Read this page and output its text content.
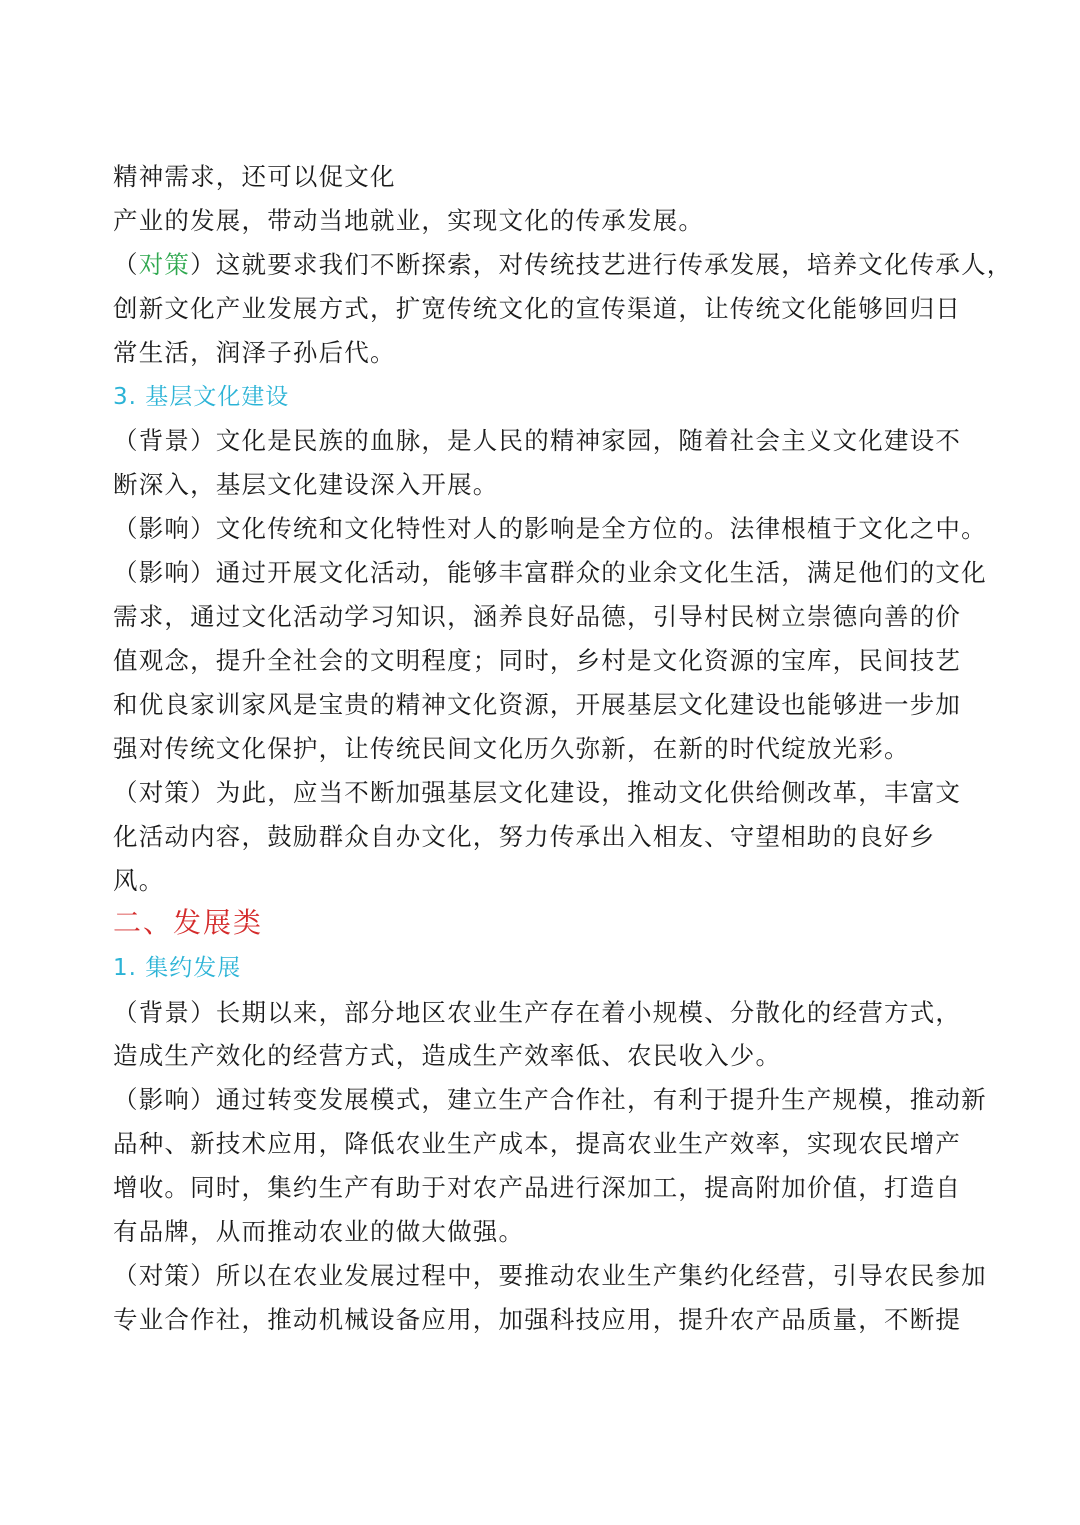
精神需求，还可以促文化
产业的发展，带动当地就业，实现文化的传承发展。
（对策）这就要求我们不断探索，对传统技艺进行传承发展，培养文化传承人，
创新文化产业发展方式，扩宽传统文化的宣传渠道，让传统文化能够回归日
常生活，润泽子孙后代。
3. 基层文化建设
（背景）文化是民族的血脉，是人民的精神家园，随着社会主义文化建设不
断深入，基层文化建设深入开展。
（影响）文化传统和文化特性对人的影响是全方位的。法律根植于文化之中。
（影响）通过开展文化活动，能够丰富群众的业余文化生活，满足他们的文化
需求，通过文化活动学习知识，涵养良好品德，引导村民树立崇德向善的价
值观念，提升全社会的文明程度；同时，乡村是文化资源的宝库，民间技艺
和优良家训家风是宝贵的精神文化资源，开展基层文化建设也能够进一步加
强对传统文化保护，让传统民间文化历久弥新，在新的时代绽放光彩。
（对策）为此，应当不断加强基层文化建设，推动文化供给侧改革，丰富文
化活动内容，鼓励群众自办文化，努力传承出入相友、守望相助的良好乡
风。
二、发展类
1. 集约发展
（背景）长期以来，部分地区农业生产存在着小规模、分散化的经营方式，
造成生产效化的经营方式，造成生产效率低、农民收入少。
（影响）通过转变发展模式，建立生产合作社，有利于提升生产规模，推动新
品种、新技术应用，降低农业生产成本，提高农业生产效率，实现农民增产
增收。同时，集约生产有助于对农产品进行深加工，提高附加价值，打造自
有品牌，从而推动农业的做大做强。
（对策）所以在农业发展过程中，要推动农业生产集约化经营，引导农民参加
专业合作社，推动机械设备应用，加强科技应用，提升农产品质量，不断提
